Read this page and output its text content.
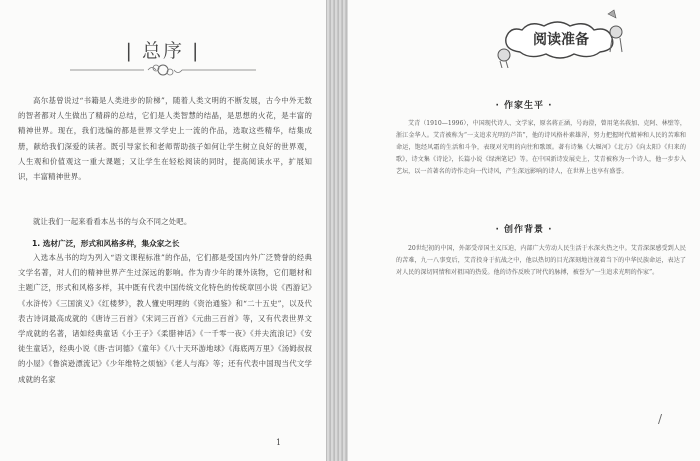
| 总序 |

高尔基曾说过“书籍是人类进步的阶梯”，随着人类文明的不断发展，古今中外无数的智者都对人生做出了精辟的总结，它们是人类智慧的结晶，是思想的火花，是丰富的精神世界。现在，我们选编的都是世界文学史上一流的作品，选取这些精华，结集成册，献给我们深爱的读者。既引导家长和老师帮助孩子如何让学生树立良好的世界观，人生观和价值观这一重大课题；又让学生在轻松阅读的同时，提高阅读水平，扩展知识，丰富精神世界。

就让我们一起来看看本丛书的与众不同之处吧。

1. 选材广泛，形式和风格多样，集众家之长

入选本丛书的均为列入“语文课程标准”的作品，它们都是受国内外广泛赞誉的经典文学名著，对人们的精神世界产生过深远的影响。作为青少年的课外读物，它们题材和主题广泛，形式和风格多样，其中既有代表中国传统文化特色的传统章回小说《西游记》《水浒传》《三国演义》《红楼梦》，教人懂史明理的《资治通鉴》和“二十五史”，以及代表古诗词最高成就的《唐诗三百首》《宋词三百首》《元曲三百首》等，又有代表世界文学成就的名著，诸如经典童话《小王子》《柔腊神话》《一千零一夜》《并夫流浪记》《安徒生童话》，经典小说《唐·吉诃德》《童年》《八十天环游地球》《海底两万里》《汤姆叔叔的小屋》《鲁滨逊漂流记》《少年维特之烦恼》《老人与海》等；还有代表中国现当代文学成就的名家

1
阅读准备
· 作家生平 ·

艾青（1910—1996），中国现代诗人、文学家，原名蒋正涵，号海澄，曾用笔名莪加、克阿、林壁等，浙江金华人。艾青被称为“一支追求光明的芦笛”，他的诗风格朴素雄浑，努力把握时代精神和人民的苦难和命运，饱经风霜的生活和斗争，表现对光明的向往和歌颂。著有诗集《大堰河》《北方》《向太阳》《归来的歌》，诗文集《诗论》，长篇小说《绿洲笔记》等。在中国新诗发展史上，艾青被称为一个诗人，他一步步入艺坛，以一首著名的诗作走向一代诗风，产生深远影响的诗人，在世界上也享有盛誉。

· 创作背景 ·

20世纪初的中国，外部受帝国主义压迫，内部广大劳动人民生活于水深火热之中。艾青深深感受到人民的苦难，九一八事变后，艾青投身于抗战之中，他以热切的目光深刻地注视着当下的中华民族命运，表达了对人民的深切同情和对祖国的热爱。他的诗作反映了时代的脉搏，被誉为“一生追求光明的作家”。

/
